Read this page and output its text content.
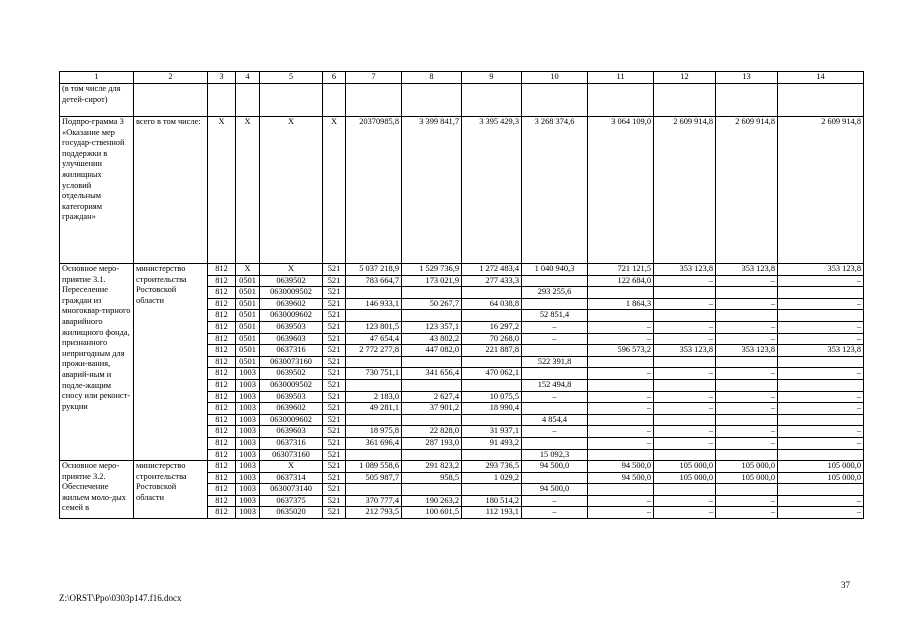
1	2	3	4	5	6	7	8	9	10	11	12	13	14	
(в том числе для детей-сирот)														
Подпро-грамма 3 «Оказание мер государ-ственной поддержки в улучшении жилищных условий отдельным категориям граждан»	всего в том числе:	Х	Х	Х	Х	20370985,8	3 399 841,7	3 395 429,3	3 268 374,6	3 064 109,0	2 609 914,8	2 609 914,8	2 609 914,8	
Основное меро-приятие 3.1. Переселение граждан из многоквар-тирного аварийного жилищного фонда, признанного непригодным для прожи-вания, аварий-ным и подле-жащим сносу или реконст-рукции	министерство строительства Ростовской области	812	Х	Х	521	5 037 218,9	1 529 736,9	1 272 483,4	1 040 940,3	721 121,5	353 123,8	353 123,8	353 123,8	
		812	0501	0639502	521	783 664,7	173 021,9	277 433,3		122 684,0	–	–	–	
		812	0501	0630009502	521				293 255,6					
		812	0501	0639602	521	146 933,1	50 267,7	64 038,8		1 864,3	–	–	–	
		812	0501	0630009602	521				52 851,4					
		812	0501	0639503	521	123 801,5	123 357,1	16 297,2	–	–	–	–	–	
		812	0501	0639603	521	47 654,4	43 802,2	70 268,0	–	–	–	–	–	
		812	0501	0637316	521	2 772 277,8	447 082,0	221 887,8		596 573,2	353 123,8	353 123,8	353 123,8	
		812	0501	0630073160	521				522 391,8					
		812	1003	0639502	521	730 751,1	341 656,4	470 062,1		–	–	–	–	
		812	1003	0630009502	521				152 494,8					
		812	1003	0639503	521	2 183,0	2 627,4	10 075,5	–	–	–	–	–	
		812	1003	0639602	521	49 281,1	37 901,2	18 990,4		–	–	–	–	
		812	1003	0630009602	521				4 854,4					
		812	1003	0639603	521	18 975,8	22 828,0	31 937,1	–	–	–	–	–	
		812	1003	0637316	521	361 696,4	287 193,0	91 493,2		–	–	–	–	
		812	1003	063073160	521				15 092,3					
Основное меро-приятие 3.2. Обеспечение жильем моло-дых семей в	министерство строительства Ростовской области	812	1003	Х	521	1 089 558,6	291 823,2	293 736,5	94 500,0	94 500,0	105 000,0	105 000,0	105 000,0	
		812	1003	0637314	521	505 987,7	958,5	1 029,2		94 500,0	105 000,0	105 000,0	105 000,0	
		812	1003	0630073140	521				94 500,0					
		812	1003	0637375	521	370 777,4	190 263,2	180 514,2	–	–	–	–	–	
		812	1003	0635020	521	212 793,5	100 601,5	112 193,1	–	–	–	–	–	
37
Z:\ORST\Ppo\0303p147.f16.docx
